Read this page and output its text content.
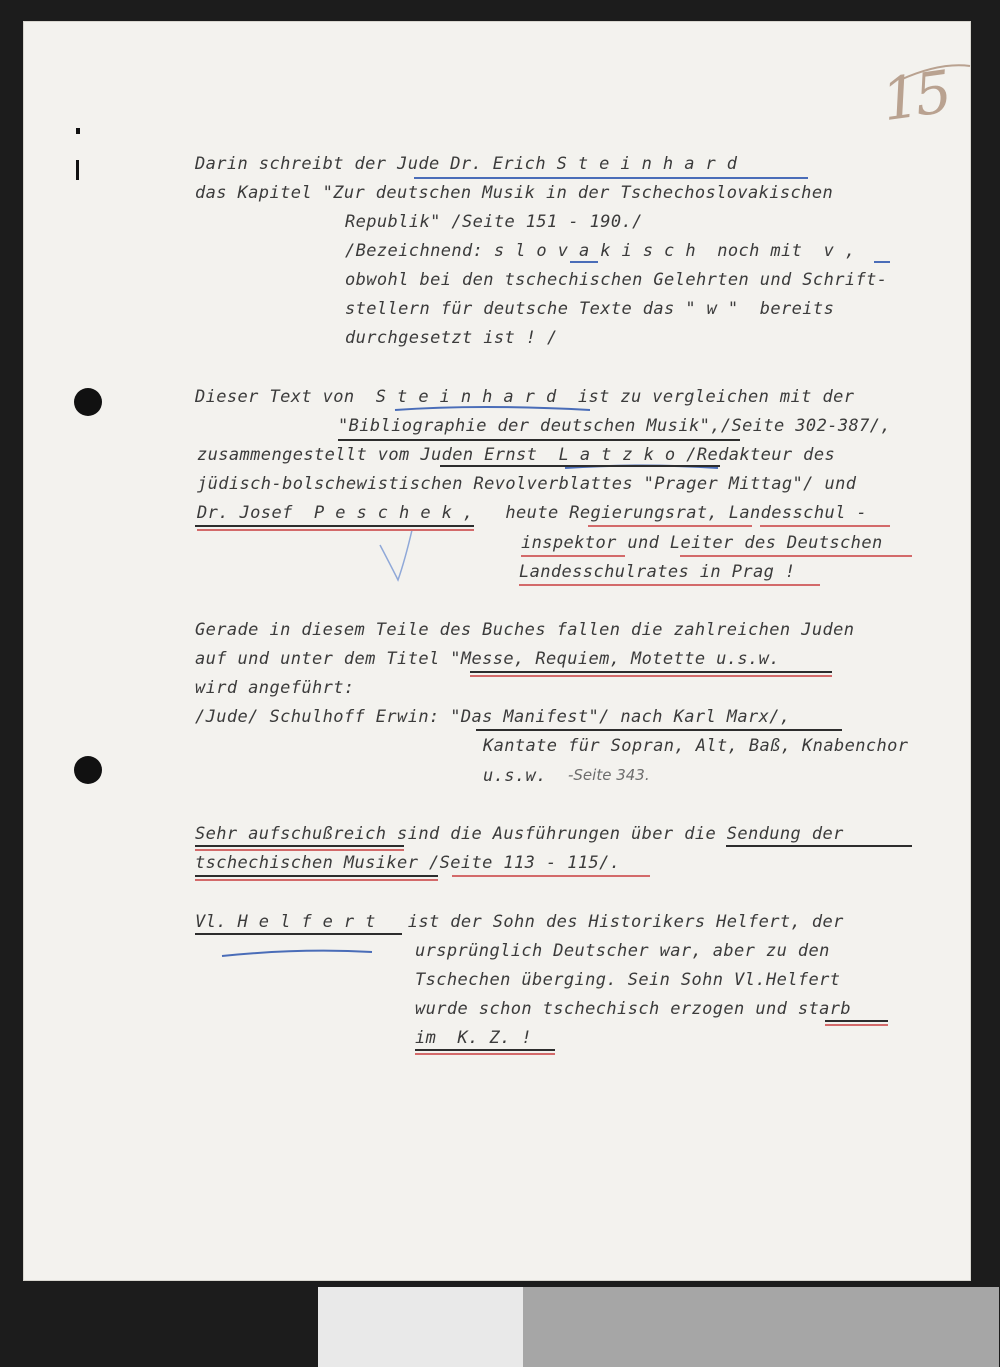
15
Darin schreibt der Jude Dr. Erich S t e i n h a r d
das Kapitel "Zur deutschen Musik in der Tschechoslovakischen
Republik" /Seite 151 - 190./
/Bezeichnend: s l o v a k i s c h  noch mit  v ,
obwohl bei den tschechischen Gelehrten und Schrift-
stellern für deutsche Texte das " w "  bereits
durchgesetzt ist ! /
Dieser Text von  S t e i n h a r d  ist zu vergleichen mit der
"Bibliographie der deutschen Musik",/Seite 302-387/,
zusammengestellt vom Juden Ernst  L a t z k o /Redakteur des
jüdisch-bolschewistischen Revolverblattes "Prager Mittag"/ und
Dr. Josef  P e s c h e k ,   heute Regierungsrat, Landesschul -
inspektor und Leiter des Deutschen
Landesschulrates in Prag !
Gerade in diesem Teile des Buches fallen die zahlreichen Juden
auf und unter dem Titel "Messe, Requiem, Motette u.s.w.
wird angeführt:
/Jude/ Schulhoff Erwin: "Das Manifest"/ nach Karl Marx/,
Kantate für Sopran, Alt, Baß, Knabenchor
u.s.w. -Seite 343.
Sehr aufschußreich sind die Ausführungen über die Sendung der
tschechischen Musiker /Seite 113 - 115/.
Vl. H e l f e r t   ist der Sohn des Historikers Helfert, der
ursprünglich Deutscher war, aber zu den
Tschechen überging. Sein Sohn Vl.Helfert
wurde schon tschechisch erzogen und starb
im  K. Z. !
